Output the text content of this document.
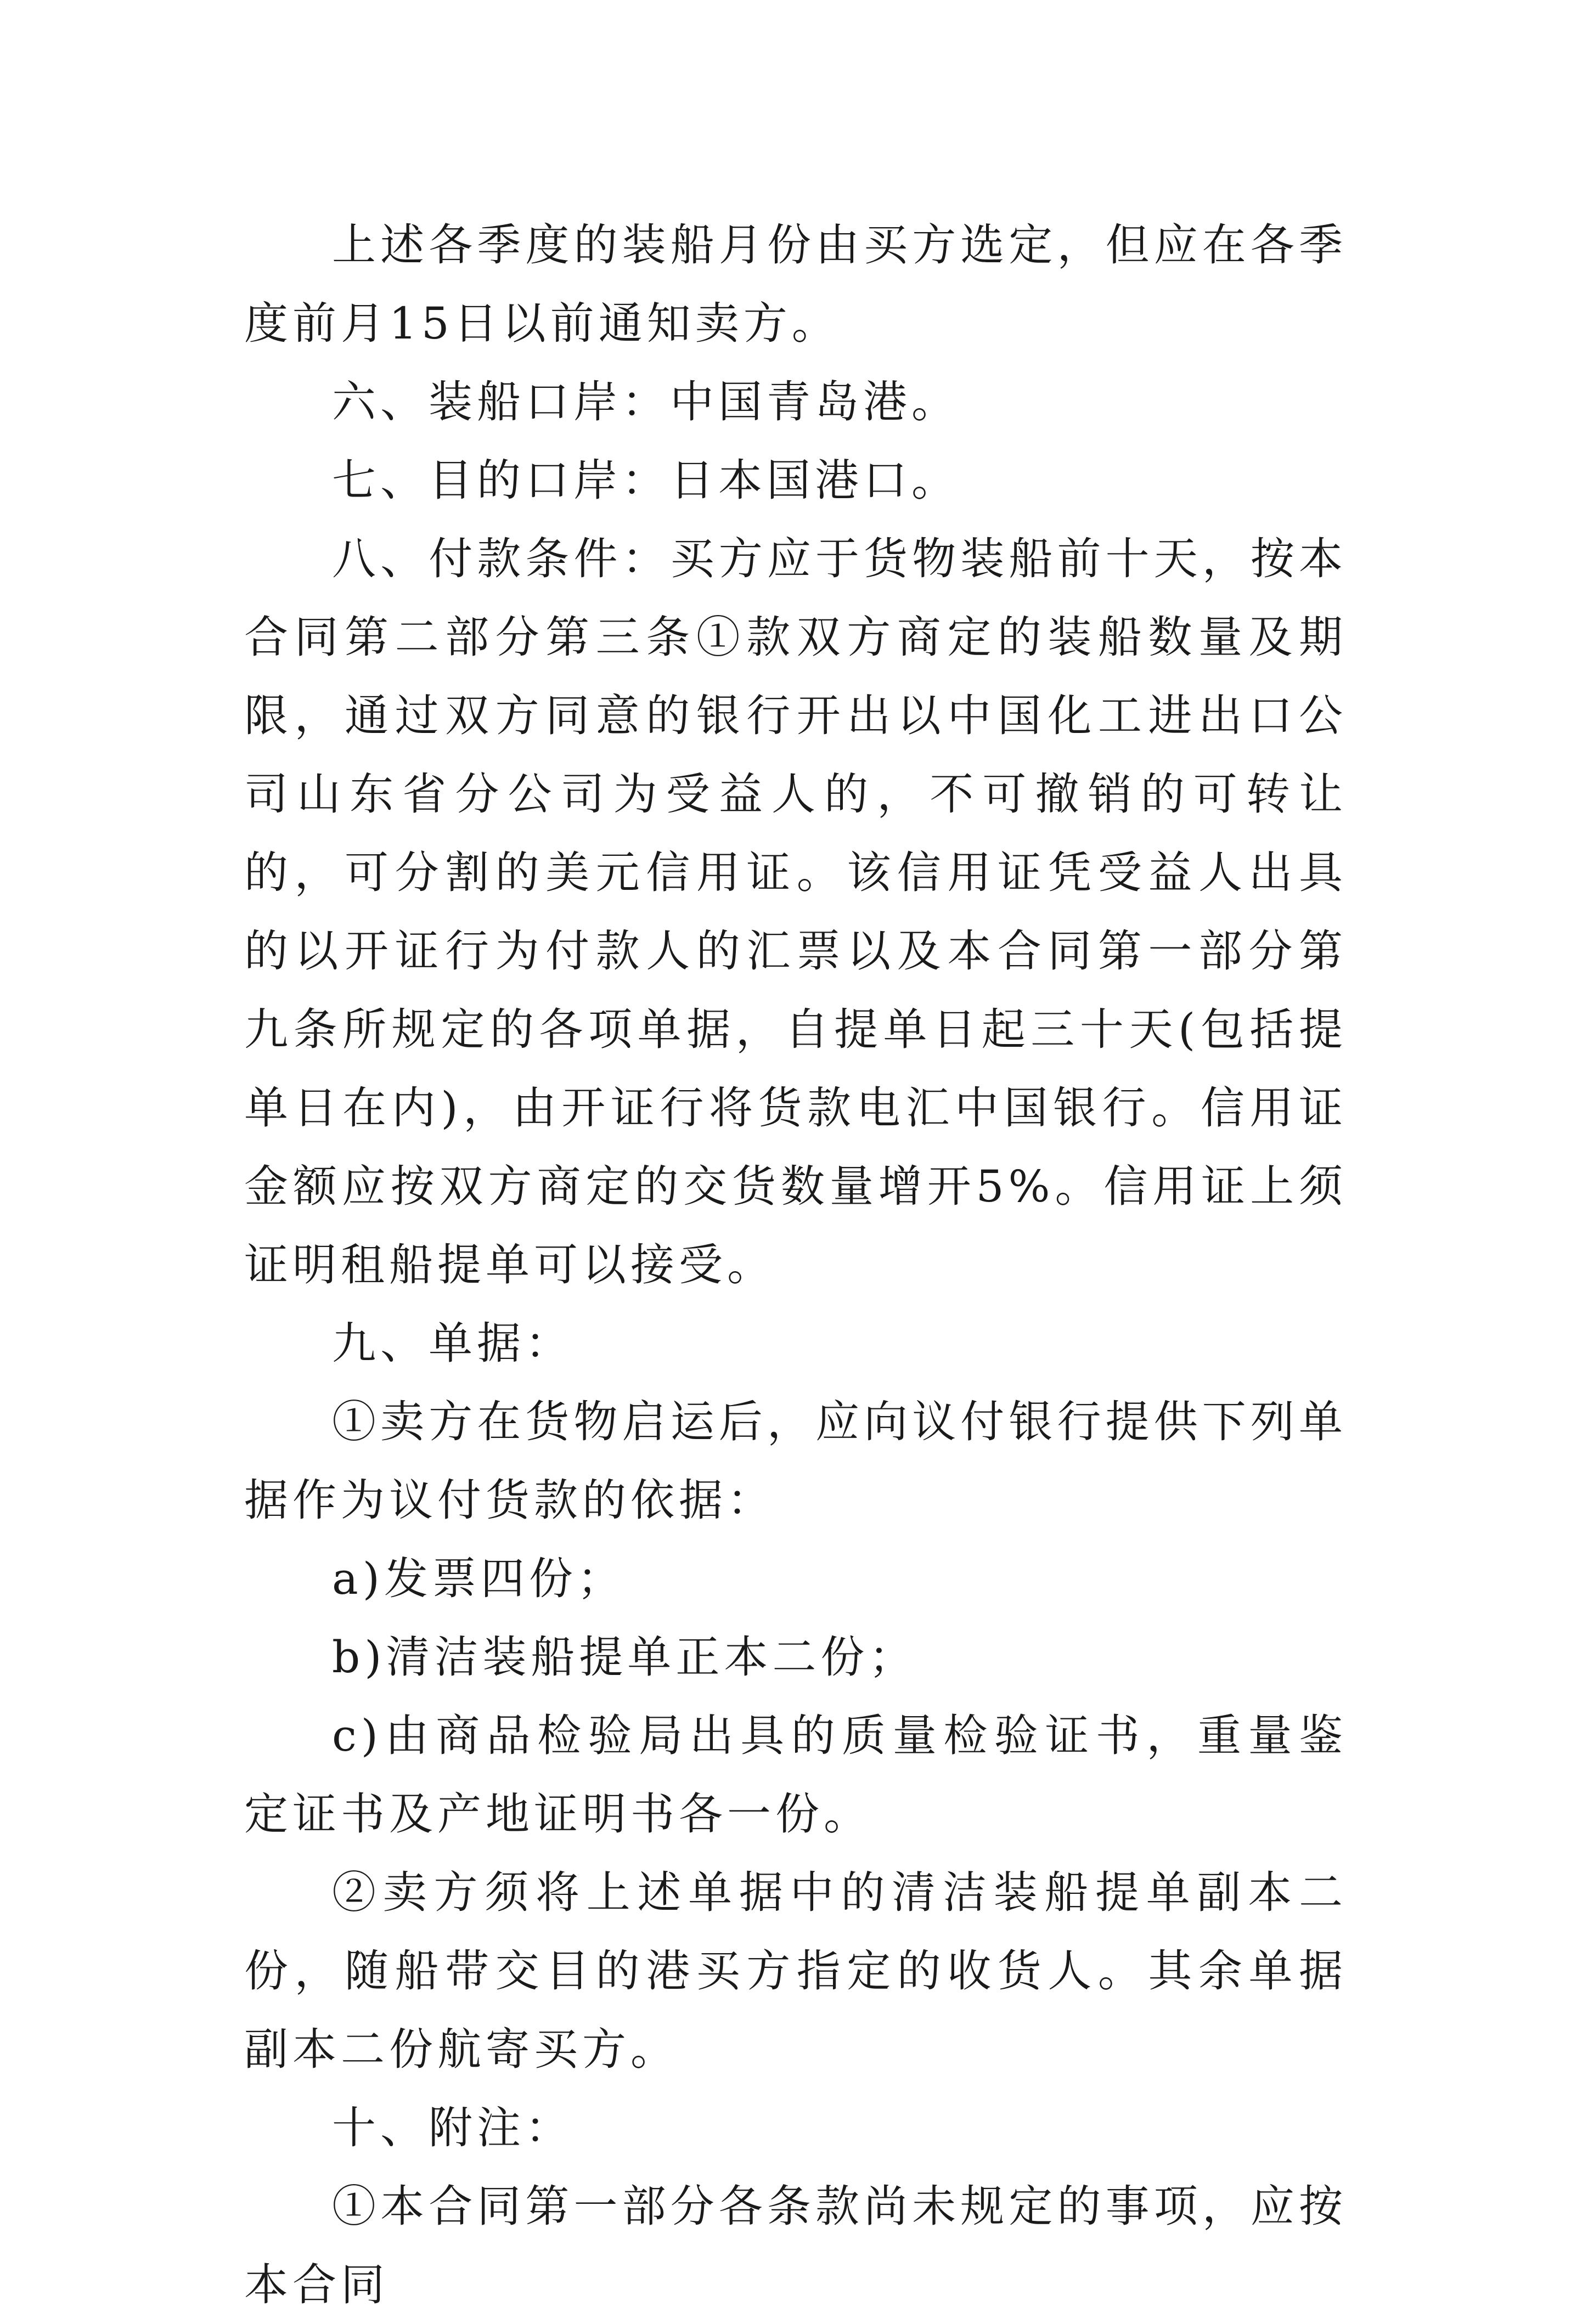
上述各季度的装船月份由买方选定，但应在各季度前月15日以前通知卖方。

六、装船口岸：中国青岛港。

七、目的口岸：日本国港口。

八、付款条件：买方应于货物装船前十天，按本合同第二部分第三条①款双方商定的装船数量及期限，通过双方同意的银行开出以中国化工进出口公司山东省分公司为受益人的，不可撤销的可转让的，可分割的美元信用证。该信用证凭受益人出具的以开证行为付款人的汇票以及本合同第一部分第九条所规定的各项单据，自提单日起三十天(包括提单日在内)，由开证行将货款电汇中国银行。信用证金额应按双方商定的交货数量增开5%。信用证上须证明租船提单可以接受。

九、单据：

①卖方在货物启运后，应向议付银行提供下列单据作为议付货款的依据：

a)发票四份；

b)清洁装船提单正本二份；

c)由商品检验局出具的质量检验证书，重量鉴定证书及产地证明书各一份。

②卖方须将上述单据中的清洁装船提单副本二份，随船带交目的港买方指定的收货人。其余单据副本二份航寄买方。

十、附注：

①本合同第一部分各条款尚未规定的事项，应按本合同
